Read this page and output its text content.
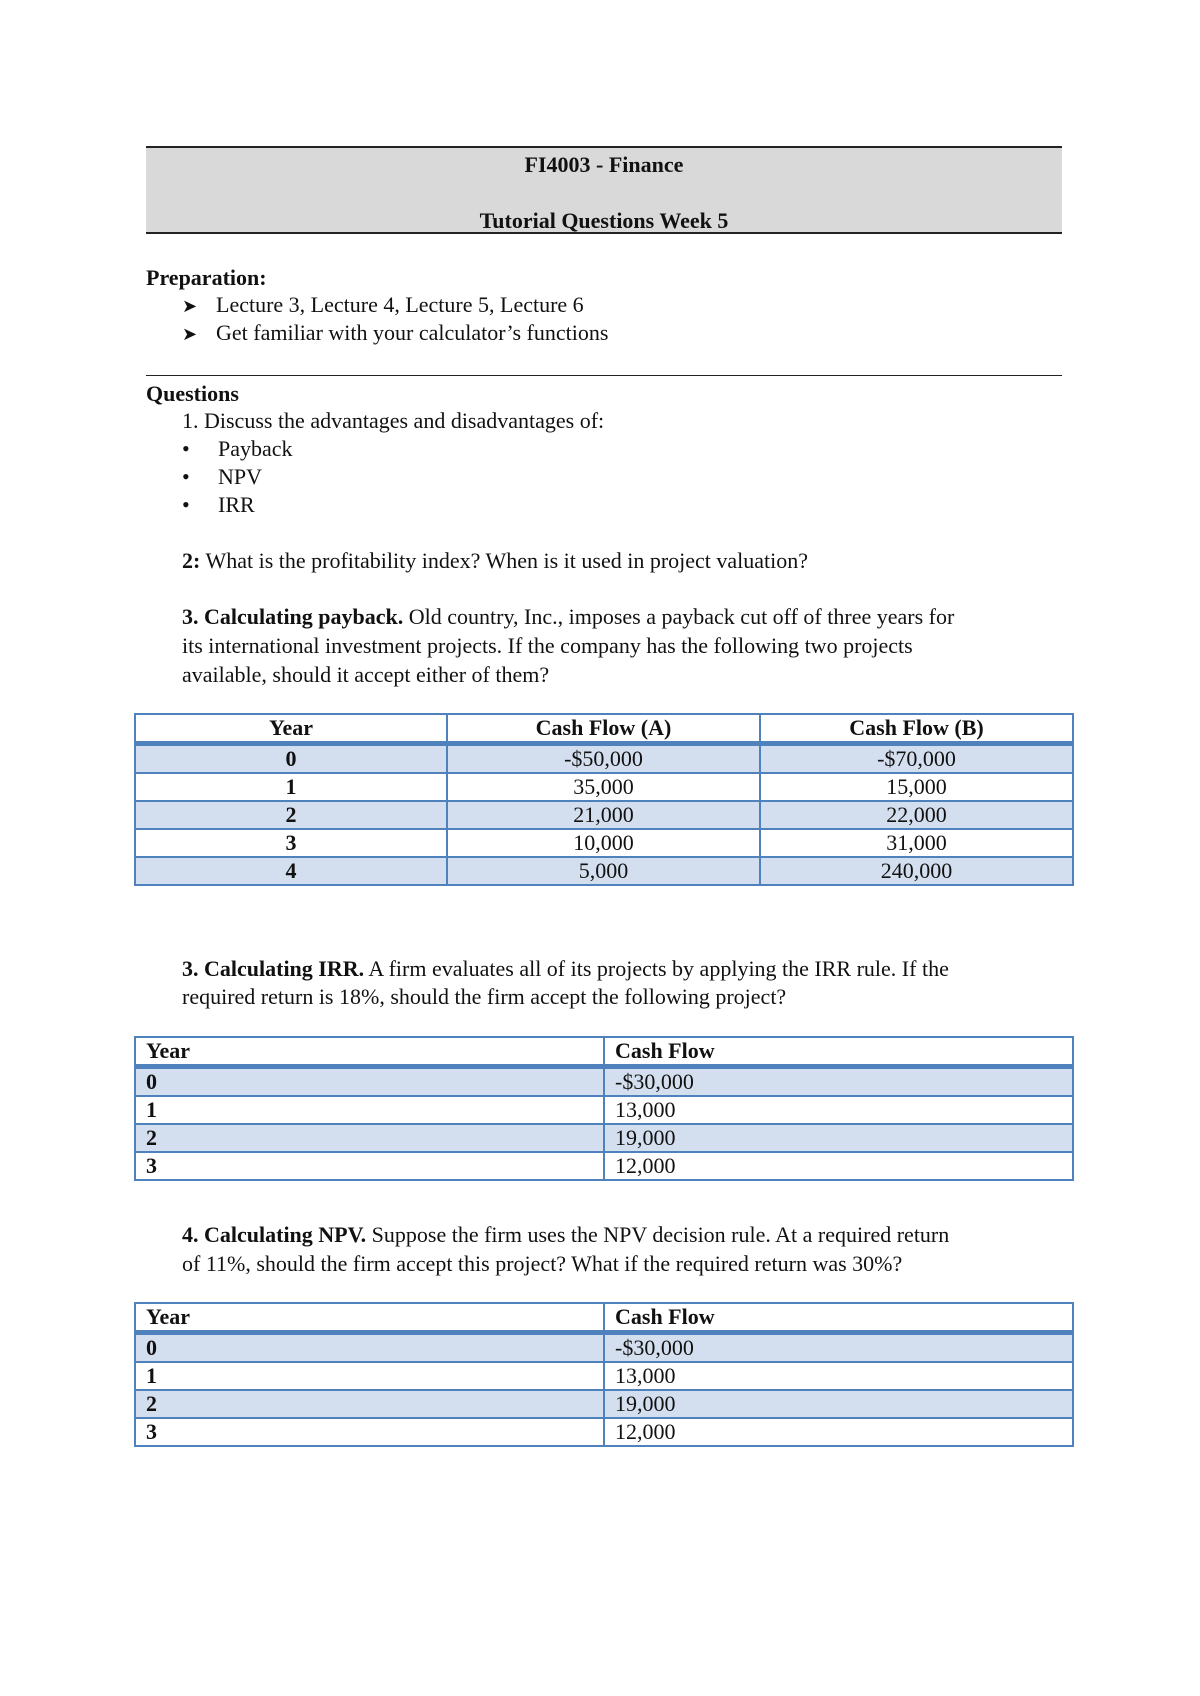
FI4003 - Finance
Tutorial Questions Week 5
Preparation:
➤ Lecture 3, Lecture 4, Lecture 5, Lecture 6
➤ Get familiar with your calculator’s functions
Questions
1. Discuss the advantages and disadvantages of:
• Payback
• NPV
• IRR
2: What is the profitability index? When is it used in project valuation?
3. Calculating payback. Old country, Inc., imposes a payback cut off of three years for
its international investment projects. If the company has the following two projects
available, should it accept either of them?
Year	Cash Flow (A)	Cash Flow (B)
0	-$50,000	-$70,000
1	35,000	15,000
2	21,000	22,000
3	10,000	31,000
4	5,000	240,000
3. Calculating IRR. A firm evaluates all of its projects by applying the IRR rule. If the
required return is 18%, should the firm accept the following project?
Year	Cash Flow
0	-$30,000
1	13,000
2	19,000
3	12,000
4. Calculating NPV. Suppose the firm uses the NPV decision rule. At a required return
of 11%, should the firm accept this project? What if the required return was 30%?
Year	Cash Flow
0	-$30,000
1	13,000
2	19,000
3	12,000
